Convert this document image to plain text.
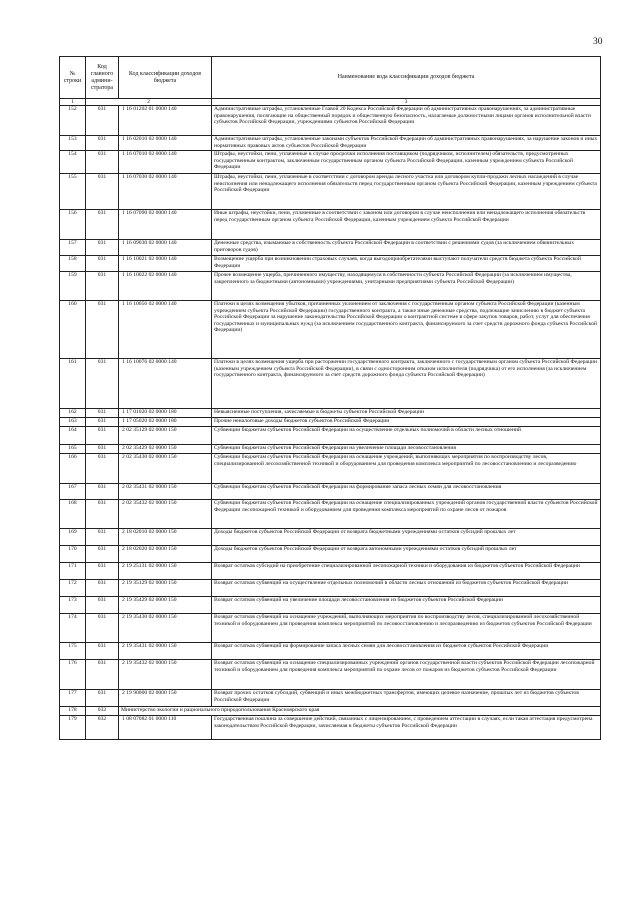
30
№ строки	Код главного админи-стратора	Код классификации доходов бюджета	Наименование кода классификации доходов бюджета
1	2		3
152	031	1 16 01202 01 0000 140	Административные штрафы, установленные Главой 20 Кодекса Российской Федерации об административных правонарушениях, за административные правонарушения, посягающие на общественный порядок и общественную безопасность, налагаемые должностными лицами органов исполнительной власти субъектов Российской Федерации, учреждениями субъектов Российской Федерации
153	031	1 16 02010 02 0000 140	Административные штрафы, установленные законами субъектов Российской Федерации об административных правонарушениях, за нарушение законов и иных нормативных правовых актов субъектов Российской Федерации
154	031	1 16 07010 02 0000 140	Штрафы, неустойки, пени, уплаченные в случае просрочки исполнения поставщиком (подрядчиком, исполнителем) обязательств, предусмотренных государственным контрактом, заключенным государственным органом субъекта Российской Федерации, казенным учреждением субъекта Российской Федерации
155	031	1 16 07030 02 0000 140	Штрафы, неустойки, пени, уплаченные в соответствии с договором аренды лесного участка или договором купли-продажи лесных насаждений в случае неисполнения или ненадлежащего исполнения обязательств перед государственным органом субъекта Российской Федерации, казенным учреждением субъекта Российской Федерации
156	031	1 16 07090 02 0000 140	Иные штрафы, неустойки, пени, уплаченные в соответствии с законом или договором в случае неисполнения или ненадлежащего исполнения обязательств перед государственным органом субъекта Российской Федерации, казенным учреждением субъекта Российской Федерации
157	031	1 16 09030 02 0000 140	Денежные средства, изымаемые в собственность субъекта Российской Федерации в соответствии с решениями судов (за исключением обвинительных приговоров судов)
158	031	1 16 10021 02 0000 140	Возмещение ущерба при возникновении страховых случаев, когда выгодоприобретателями выступают получатели средств бюджета субъекта Российской Федерации
159	031	1 16 10022 02 0000 140	Прочее возмещение ущерба, причиненного имуществу, находящемуся в собственности субъекта Российской Федерации (за исключением имущества, закрепленного за бюджетными (автономными) учреждениями, унитарными предприятиями субъекта Российской Федерации)
160	031	1 16 10056 02 0000 140	Платежи в целях возмещения убытков, причиненных уклонением от заключения с государственным органом субъекта Российской Федерации (казенным учреждением субъекта Российской Федерации) государственного контракта, а также иные денежные средства, подлежащие зачислению в бюджет субъекта Российской Федерации за нарушение законодательства Российской Федерации о контрактной системе в сфере закупок товаров, работ, услуг для обеспечения государственных и муниципальных нужд (за исключением государственного контракта, финансируемого за счет средств дорожного фонда субъекта Российской Федерации)
161	031	1 16 10076 02 0000 140	Платежи в целях возмещения ущерба при расторжении государственного контракта, заключенного с государственным органом субъекта Российской Федерации (казенным учреждением субъекта Российской Федерации), в связи с односторонним отказом исполнителя (подрядчика) от его исполнения (за исключением государственного контракта, финансируемого за счет средств дорожного фонда субъекта Российской Федерации)
162	031	1 17 01020 02 0000 180	Невыясненные поступления, зачисляемые в бюджеты субъектов Российской Федерации
163	031	1 17 05020 02 0000 180	Прочие неналоговые доходы бюджетов субъектов Российской Федерации
164	031	2 02 35129 02 0000 150	Субвенции бюджетам субъектов Российской Федерации на осуществление отдельных полномочий в области лесных отношений
165	031	2 02 35429 02 0000 150	Субвенции бюджетам субъектов Российской Федерации на увеличение площади лесовосстановления
166	031	2 02 35430 02 0000 150	Субвенции бюджетам субъектов Российской Федерации на оснащение учреждений, выполняющих мероприятия по воспроизводству лесов, специализированной лесохозяйственной техникой и оборудованием для проведения комплекса мероприятий по лесовосстановлению и лесоразведению
167	031	2 02 35431 02 0000 150	Субвенции бюджетам субъектов Российской Федерации на формирование запаса лесных семян для лесовосстановления
168	031	2 02 35432 02 0000 150	Субвенции бюджетам субъектов Российской Федерации на оснащение специализированных учреждений органов государственной власти субъектов Российской Федерации лесопожарной техникой и оборудованием для проведения комплекса мероприятий по охране лесов от пожаров
169	031	2 18 02010 02 0000 150	Доходы бюджетов субъектов Российской Федерации от возврата бюджетными учреждениями остатков субсидий прошлых лет
170	031	2 18 02020 02 0000 150	Доходы бюджетов субъектов Российской Федерации от возврата автономными учреждениями остатков субсидий прошлых лет
171	031	2 19 25131 02 0000 150	Возврат остатков субсидий на приобретение специализированной лесопожарной техники и оборудования из бюджетов субъектов Российской Федерации
172	031	2 19 35129 02 0000 150	Возврат остатков субвенций на осуществление отдельных полномочий в области лесных отношений из бюджетов субъектов Российской Федерации
173	031	2 19 35429 02 0000 150	Возврат остатков субвенций на увеличение площади лесовосстановления из бюджетов субъектов Российской Федерации
174	031	2 19 35430 02 0000 150	Возврат остатков субвенций на оснащение учреждений, выполняющих мероприятия по воспроизводству лесов, специализированной лесохозяйственной техникой и оборудованием для проведения комплекса мероприятий по лесовосстановлению и лесоразведению из бюджетов субъектов Российской Федерации
175	031	2 19 35431 02 0000 150	Возврат остатков субвенций на формирование запаса лесных семян для лесовосстановления из бюджетов субъектов Российской Федерации
176	031	2 19 35432 02 0000 150	Возврат остатков субвенций на оснащение специализированных учреждений органов государственной власти субъектов Российской Федерации лесопожарной техникой и оборудованием для проведения комплекса мероприятий по охране лесов от пожаров из бюджетов субъектов Российской Федерации
177	031	2 19 90000 02 0000 150	Возврат прочих остатков субсидий, субвенций и иных межбюджетных трансфертов, имеющих целевое назначение, прошлых лет из бюджетов субъектов Российской Федерации
178	032	Министерство экологии и рационального природопользования Красноярского края	
179	032	1 08 07082 01 0000 110	Государственная пошлина за совершение действий, связанных с лицензированием, с проведением аттестации в случаях, если такая аттестация предусмотрена законодательством Российской Федерации, зачисляемая в бюджеты субъектов Российской Федерации
